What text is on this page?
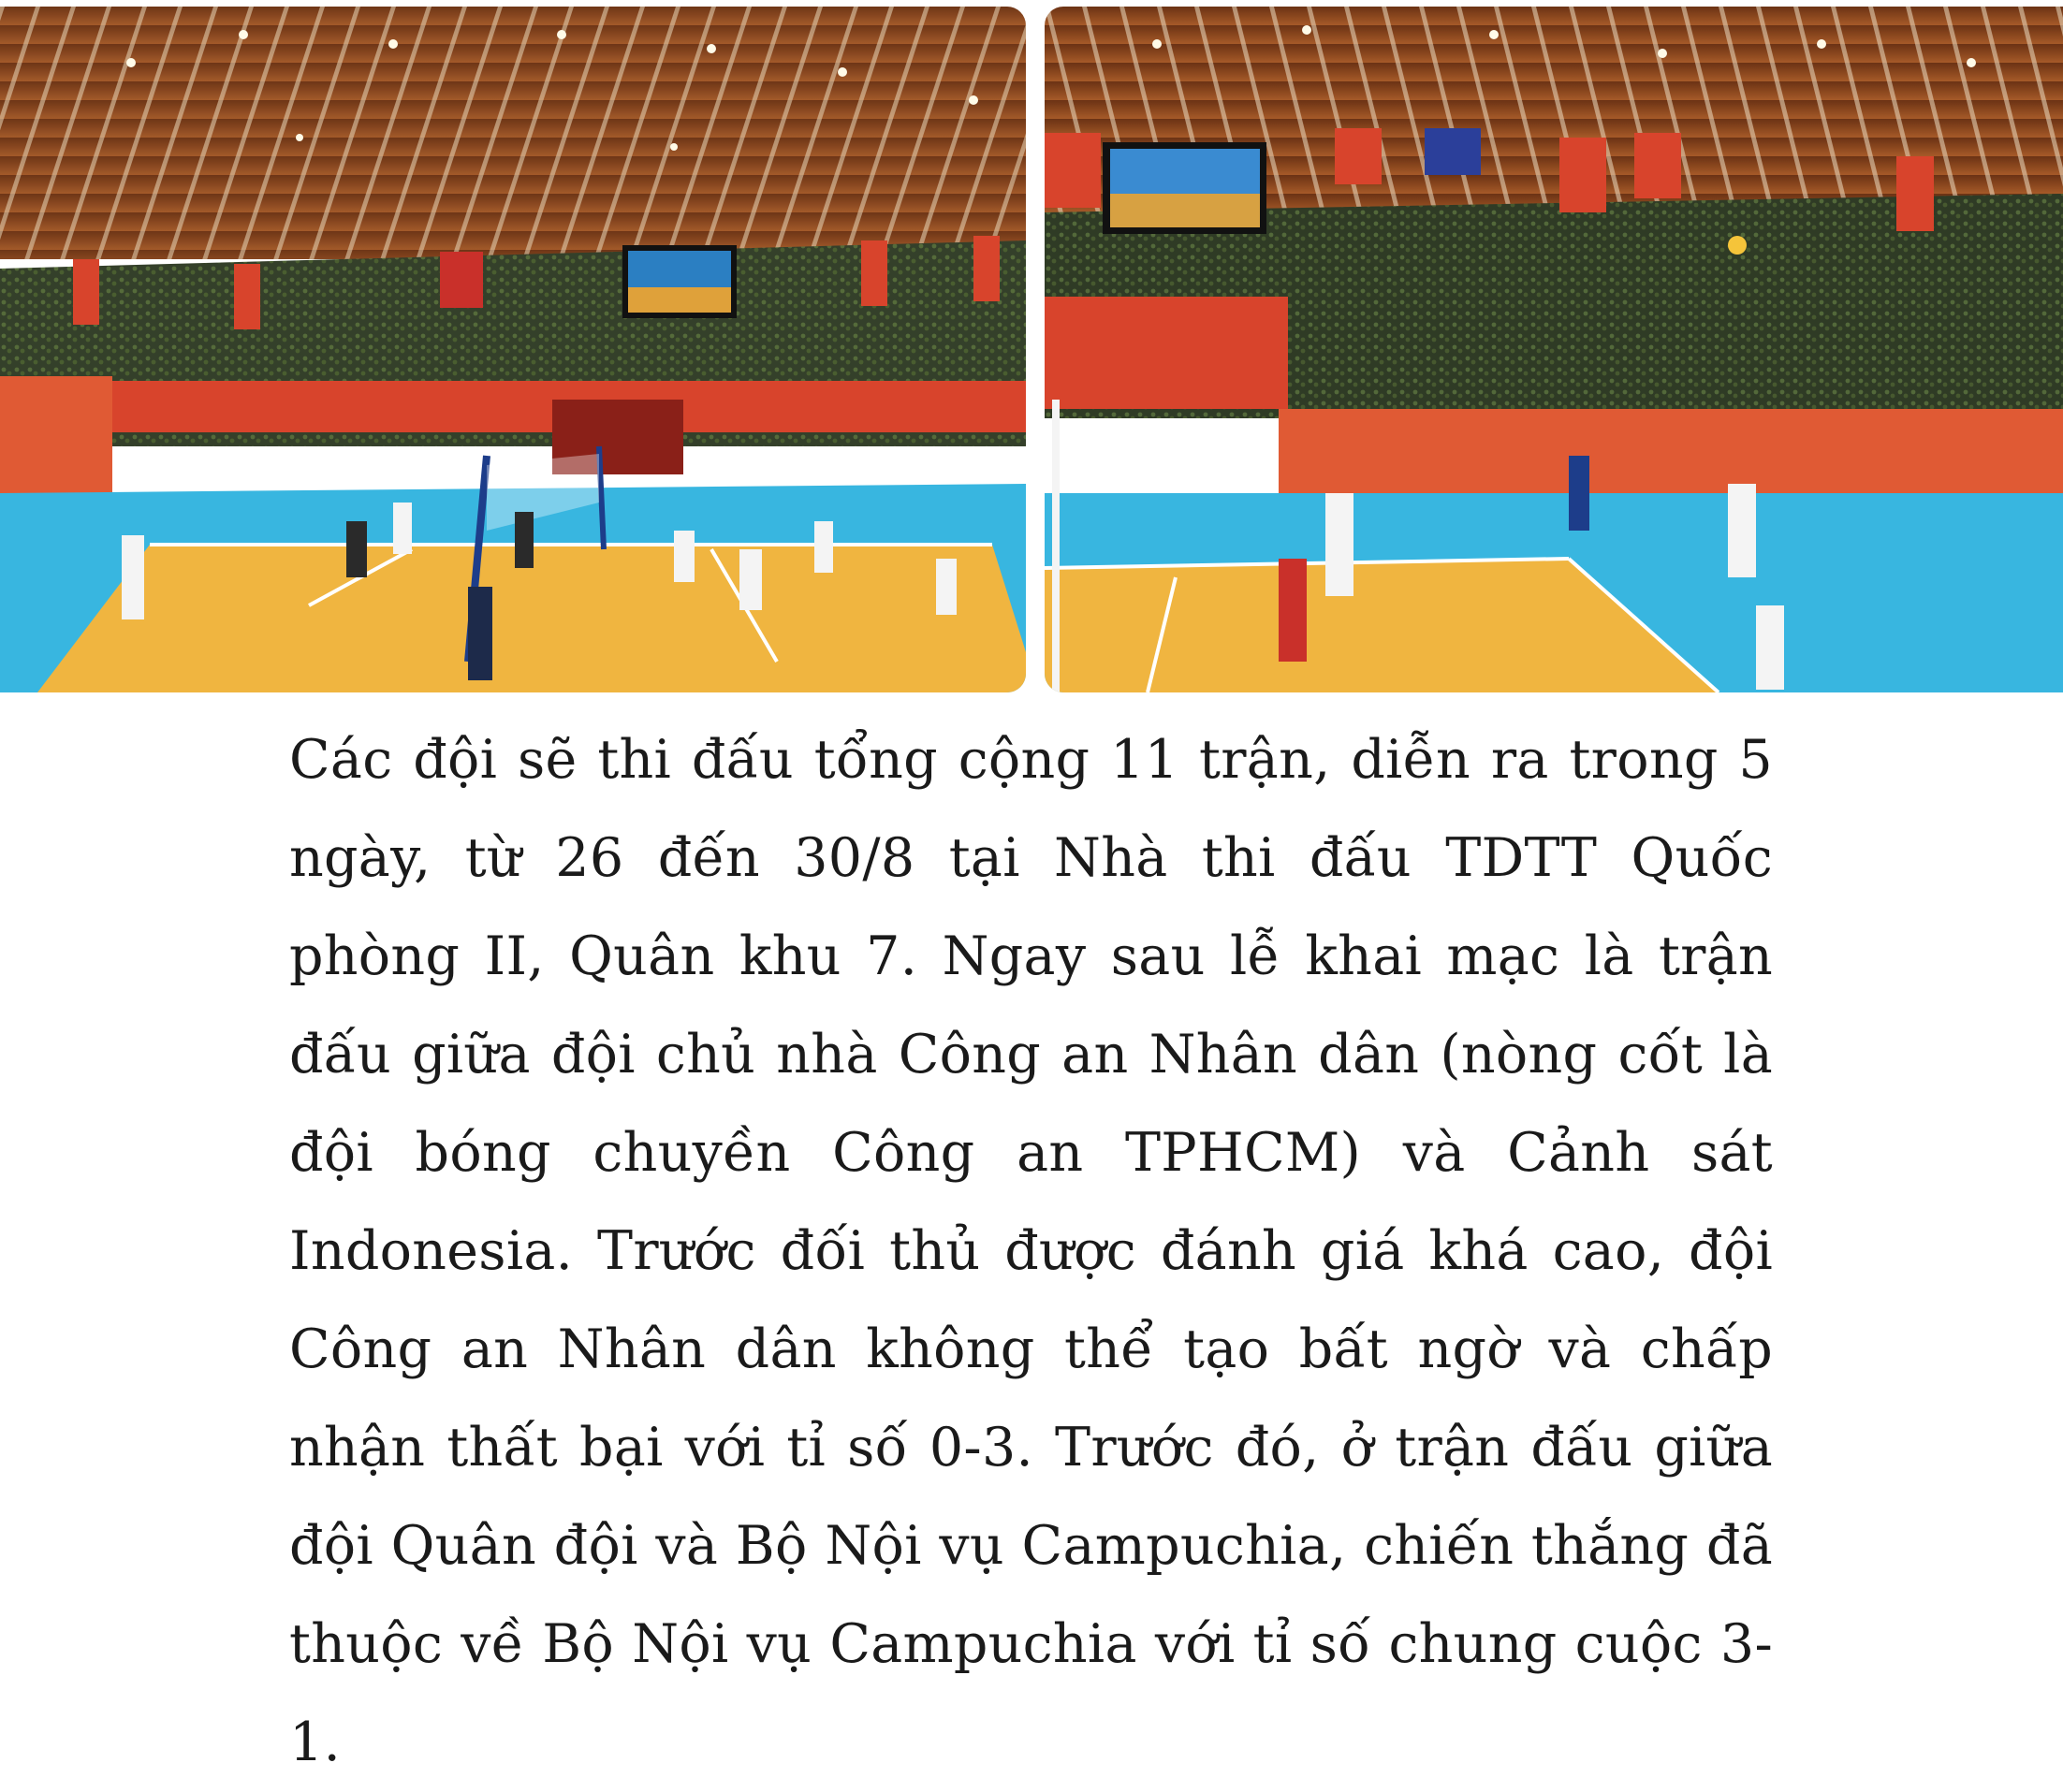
Các đội sẽ thi đấu tổng cộng 11 trận, diễn ra trong 5 ngày, từ 26 đến 30/8 tại Nhà thi đấu TDTT Quốc phòng II, Quân khu 7. Ngay sau lễ khai mạc là trận đấu giữa đội chủ nhà Công an Nhân dân (nòng cốt là đội bóng chuyền Công an TPHCM) và Cảnh sát Indonesia. Trước đối thủ được đánh giá khá cao, đội Công an Nhân dân không thể tạo bất ngờ và chấp nhận thất bại với tỉ số 0-3. Trước đó, ở trận đấu giữa đội Quân đội và Bộ Nội vụ Campuchia, chiến thắng đã thuộc về Bộ Nội vụ Campuchia với tỉ số chung cuộc 3-1.
